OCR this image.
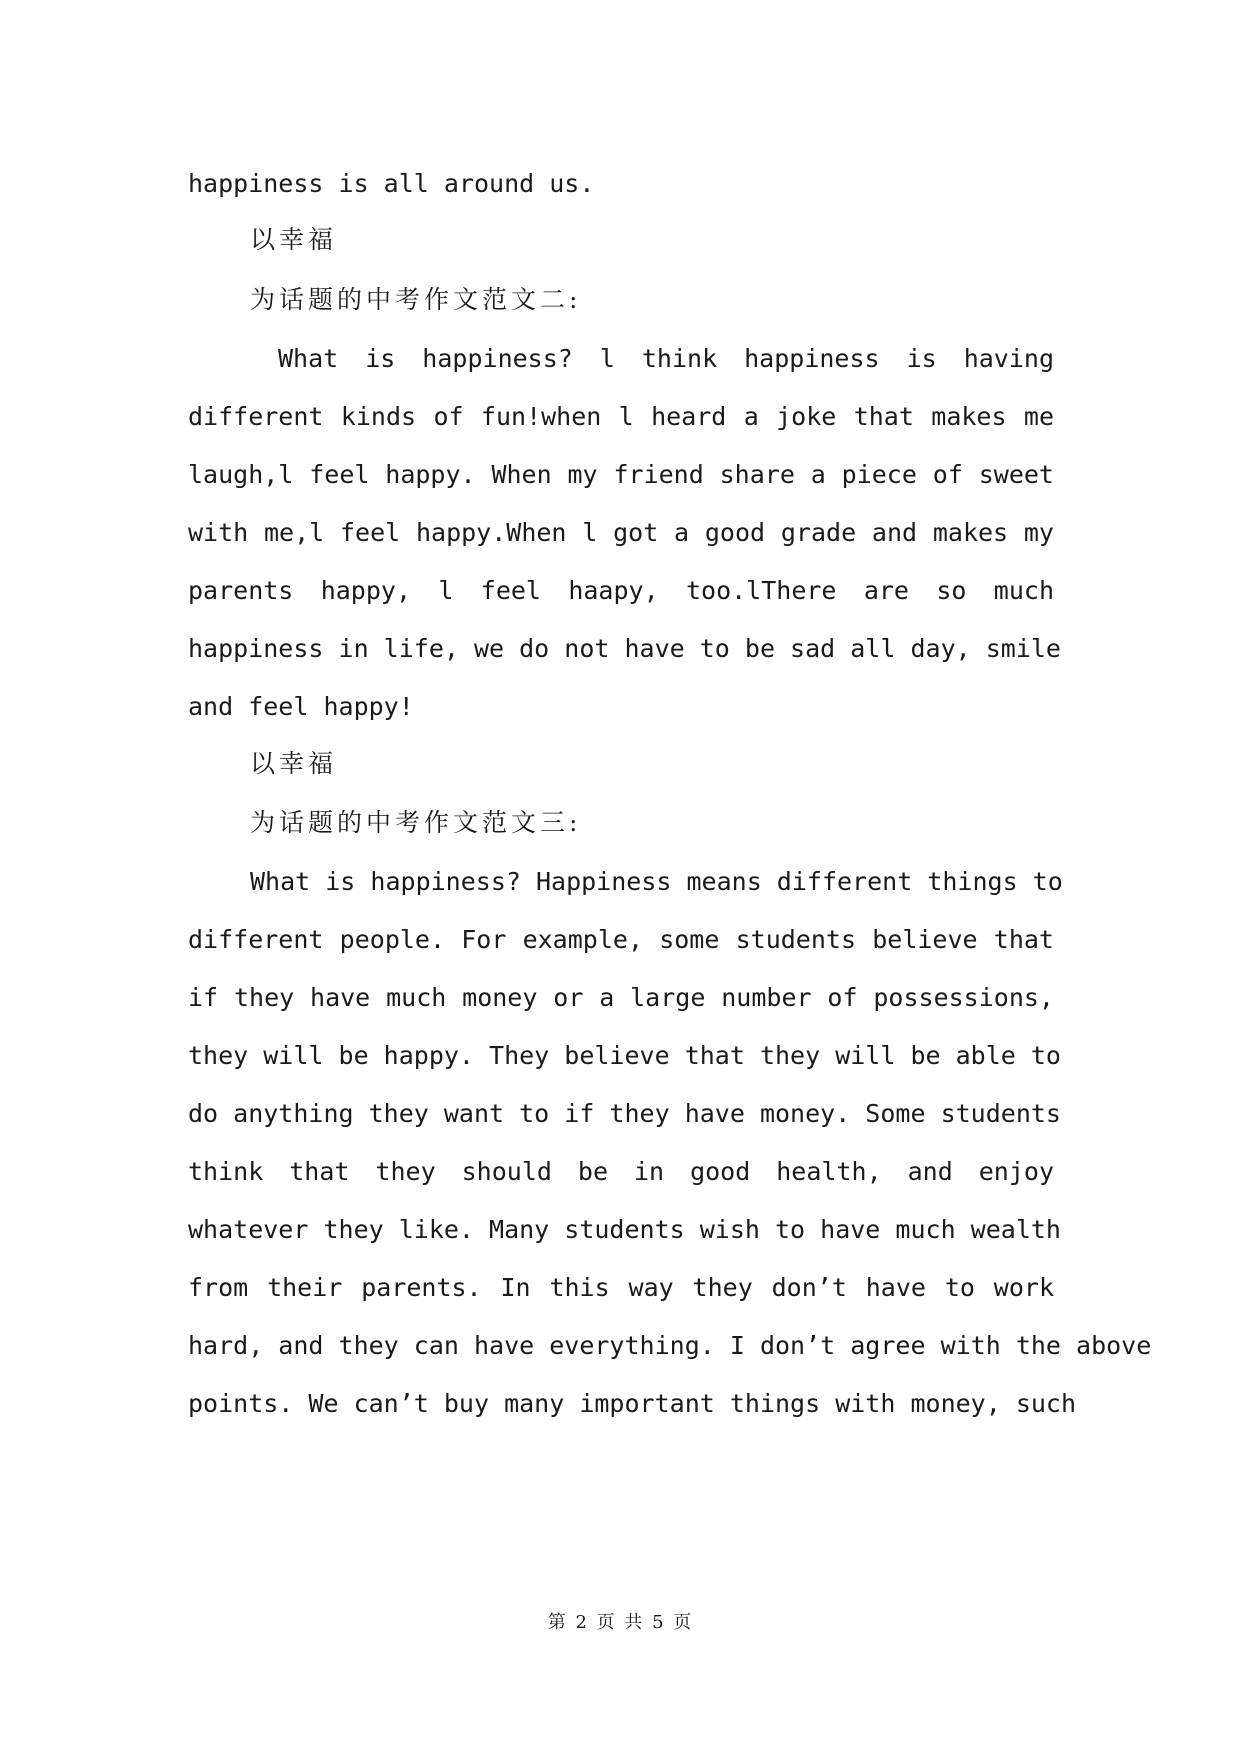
happiness is all around us.
以幸福
为话题的中考作文范文二:
What is happiness? l think happiness is having
different kinds of fun!when l heard a joke that makes me
laugh,l feel happy. When my friend share a piece of sweet
with me,l feel happy.When l got a good grade and makes my
parents happy, l feel haapy, too.lThere are so much
happiness in life, we do not have to be sad all day, smile
and feel happy!
以幸福
为话题的中考作文范文三:
What is happiness? Happiness means different things to
different people. For example, some students believe that
if they have much money or a large number of possessions,
they will be happy. They believe that they will be able to
do anything they want to if they have money. Some students
think that they should be in good health, and enjoy
whatever they like. Many students wish to have much wealth
from their parents. In this way they don’t have to work
hard, and they can have everything. I don’t agree with the above
points. We can’t buy many important things with money, such
第 2 页 共 5 页
